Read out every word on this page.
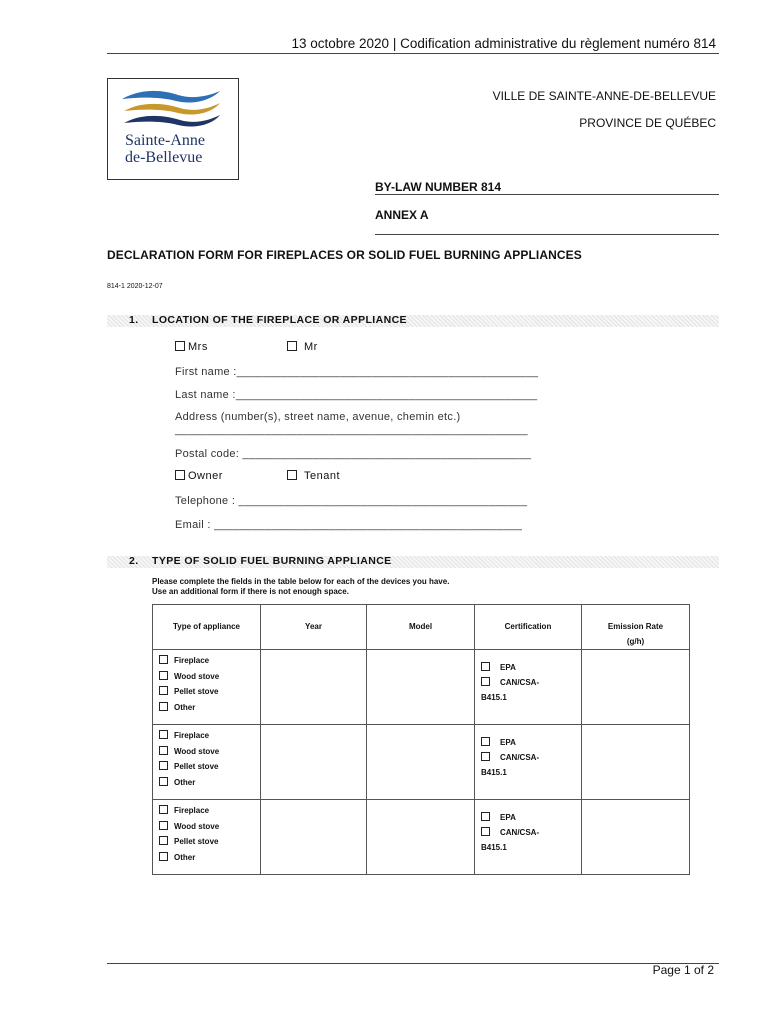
13 octobre 2020 | Codification administrative du règlement numéro 814
Sainte-Anne
de-Bellevue
VILLE DE SAINTE-ANNE-DE-BELLEVUE
PROVINCE DE QUÉBEC
BY-LAW NUMBER 814
ANNEX A
DECLARATION FORM FOR FIREPLACES OR SOLID FUEL BURNING APPLIANCES
814-1 2020-12-07
1. LOCATION OF THE FIREPLACE OR APPLIANCE
Mrs	Mr
First name :_______________________________________________
Last name :_______________________________________________
Address (number(s), street name, avenue, chemin etc.)
_______________________________________________________
Postal code: _____________________________________________
Owner	Tenant
Telephone : _____________________________________________
Email : ________________________________________________
2. TYPE OF SOLID FUEL BURNING APPLIANCE
Please complete the fields in the table below for each of the devices you have.
Use an additional form if there is not enough space.
Type of appliance	Year	Model	Certification	Emission Rate
(g/h)

Fireplace
Wood stove
Pellet stove
Other			EPA
CAN/CSA-
B415.1	

Fireplace
Wood stove
Pellet stove
Other			EPA
CAN/CSA-
B415.1	

Fireplace
Wood stove
Pellet stove
Other			EPA
CAN/CSA-
B415.1	

Page 1 of 2
